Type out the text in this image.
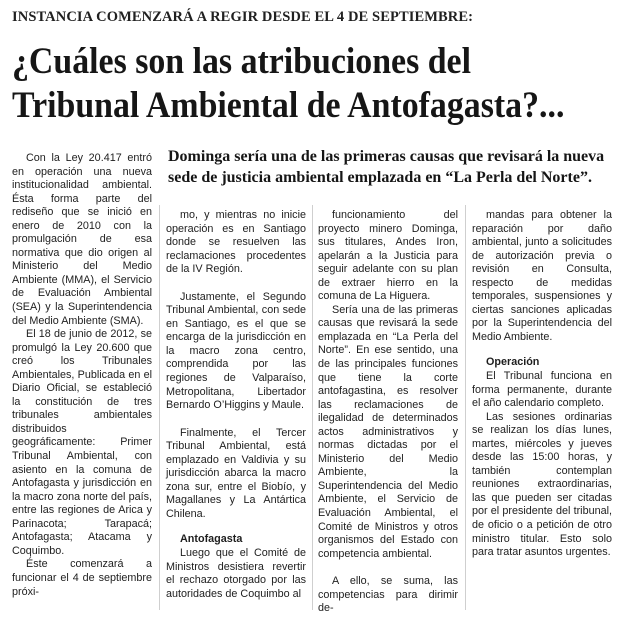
INSTANCIA COMENZARÁ A REGIR DESDE EL 4 DE SEPTIEMBRE:
¿Cuáles son las atribuciones del
Tribunal Ambiental de Antofagasta?...
Dominga sería una de las primeras causas que revisará la nueva sede de justicia ambiental emplazada en “La Perla del Norte”.

Con la Ley 20.417 entró en operación una nueva institucionalidad ambiental. Ésta forma parte del rediseño que se inició en enero de 2010 con la promulgación de esa normativa que dio origen al Ministerio del Medio Ambiente (MMA), el Servicio de Evaluación Ambiental (SEA) y la Superintendencia del Medio Ambiente (SMA).

El 18 de junio de 2012, se promulgó la Ley 20.600 que creó los Tribunales Ambientales, Publicada en el Diario Oficial, se estableció la constitución de tres tribunales ambientales distribuidos geográficamente: Primer Tribunal Ambiental, con asiento en la comuna de Antofagasta y jurisdicción en la macro zona norte del país, entre las regiones de Arica y Parinacota; Tarapacá; Antofagasta; Atacama y Coquimbo.

Éste comenzará a funcionar el 4 de septiembre próxi-

mo, y mientras no inicie operación es en Santiago donde se resuelven las reclamaciones procedentes de la IV Región.

Justamente, el Segundo Tribunal Ambiental, con sede en Santiago, es el que se encarga de la jurisdicción en la macro zona centro, comprendida por las regiones de Valparaíso, Metropolitana, Libertador Bernardo O’Higgins y Maule.

Finalmente, el Tercer Tribunal Ambiental, está emplazado en Valdivia y su jurisdicción abarca la macro zona sur, entre el Biobío, y Magallanes y La Antártica Chilena.

Antofagasta

Luego que el Comité de Ministros desistiera revertir el rechazo otorgado por las autoridades de Coquimbo al

funcionamiento del proyecto minero Dominga, sus titulares, Andes Iron, apelarán a la Justicia para seguir adelante con su plan de extraer hierro en la comuna de La Higuera.

Sería una de las primeras causas que revisará la sede emplazada en “La Perla del Norte”. En ese sentido, una de las principales funciones que tiene la corte antofagastina, es resolver las reclamaciones de ilegalidad de determinados actos administrativos y normas dictadas por el Ministerio del Medio Ambiente, la Superintendencia del Medio Ambiente, el Servicio de Evaluación Ambiental, el Comité de Ministros y otros organismos del Estado con competencia ambiental.

A ello, se suma, las competencias para dirimir de-

mandas para obtener la reparación por daño ambiental, junto a solicitudes de autorización previa o revisión en Consulta, respecto de medidas temporales, suspensiones y ciertas sanciones aplicadas por la Superintendencia del Medio Ambiente.

Operación

El Tribunal funciona en forma permanente, durante el año calendario completo.

Las sesiones ordinarias se realizan los días lunes, martes, miércoles y jueves desde las 15:00 horas, y también contemplan reuniones extraordinarias, las que pueden ser citadas por el presidente del tribunal, de oficio o a petición de otro ministro titular. Esto solo para tratar asuntos urgentes.
